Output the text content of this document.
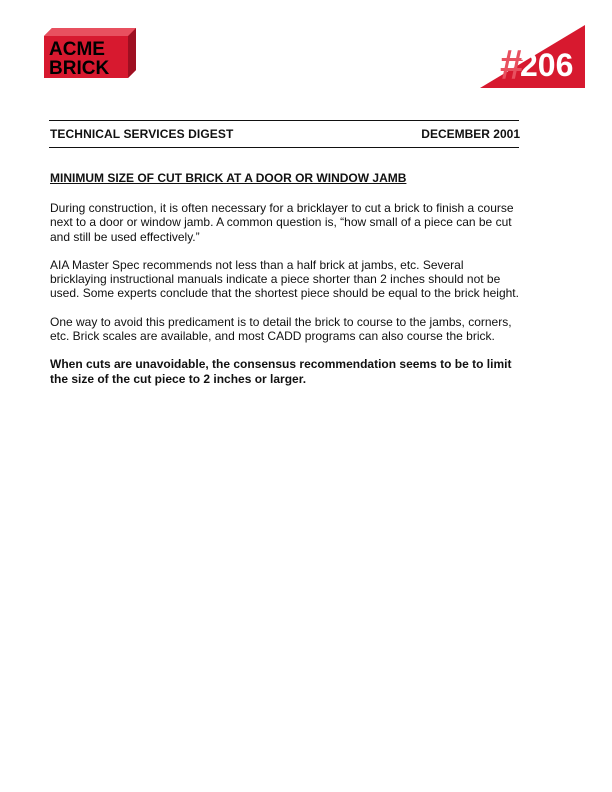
ACME
BRICK	#
206
TECHNICAL SERVICES DIGEST	DECEMBER 2001
MINIMUM SIZE OF CUT BRICK AT A DOOR OR WINDOW JAMB

During construction, it is often necessary for a bricklayer to cut a brick to finish a course next to a door or window jamb. A common question is, “how small of a piece can be cut and still be used effectively.”

AIA Master Spec recommends not less than a half brick at jambs, etc. Several bricklaying instructional manuals indicate a piece shorter than 2 inches should not be used. Some experts conclude that the shortest piece should be equal to the brick height.

One way to avoid this predicament is to detail the brick to course to the jambs, corners, etc. Brick scales are available, and most CADD programs can also course the brick.

When cuts are unavoidable, the consensus recommendation seems to be to limit the size of the cut piece to 2 inches or larger.
